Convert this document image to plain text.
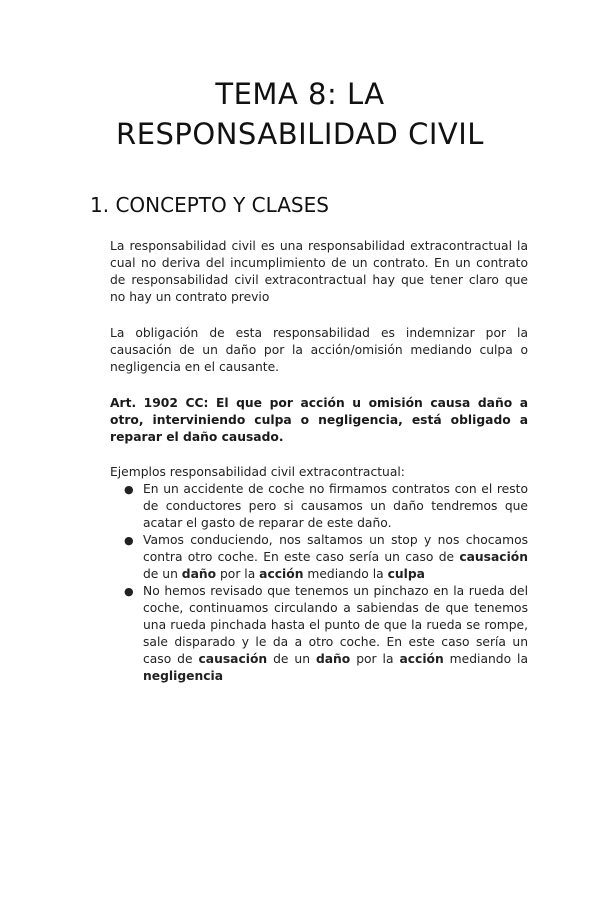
TEMA 8: LA
RESPONSABILIDAD CIVIL
1. CONCEPTO Y CLASES

La responsabilidad civil es una responsabilidad extracontractual la cual no deriva del incumplimiento de un contrato. En un contrato de responsabilidad civil extracontractual hay que tener claro que no hay un contrato previo

La obligación de esta responsabilidad es indemnizar por la causación de un daño por la acción/omisión mediando culpa o negligencia en el causante.

Art. 1902 CC: El que por acción u omisión causa daño a otro, interviniendo culpa o negligencia, está obligado a reparar el daño causado.

Ejemplos responsabilidad civil extracontractual:

● En un accidente de coche no firmamos contratos con el resto de conductores pero si causamos un daño tendremos que acatar el gasto de reparar de este daño.
● Vamos conduciendo, nos saltamos un stop y nos chocamos contra otro coche. En este caso sería un caso de causación de un daño por la acción mediando la culpa
● No hemos revisado que tenemos un pinchazo en la rueda del coche, continuamos circulando a sabiendas de que tenemos una rueda pinchada hasta el punto de que la rueda se rompe, sale disparado y le da a otro coche. En este caso sería un caso de causación de un daño por la acción mediando la negligencia
